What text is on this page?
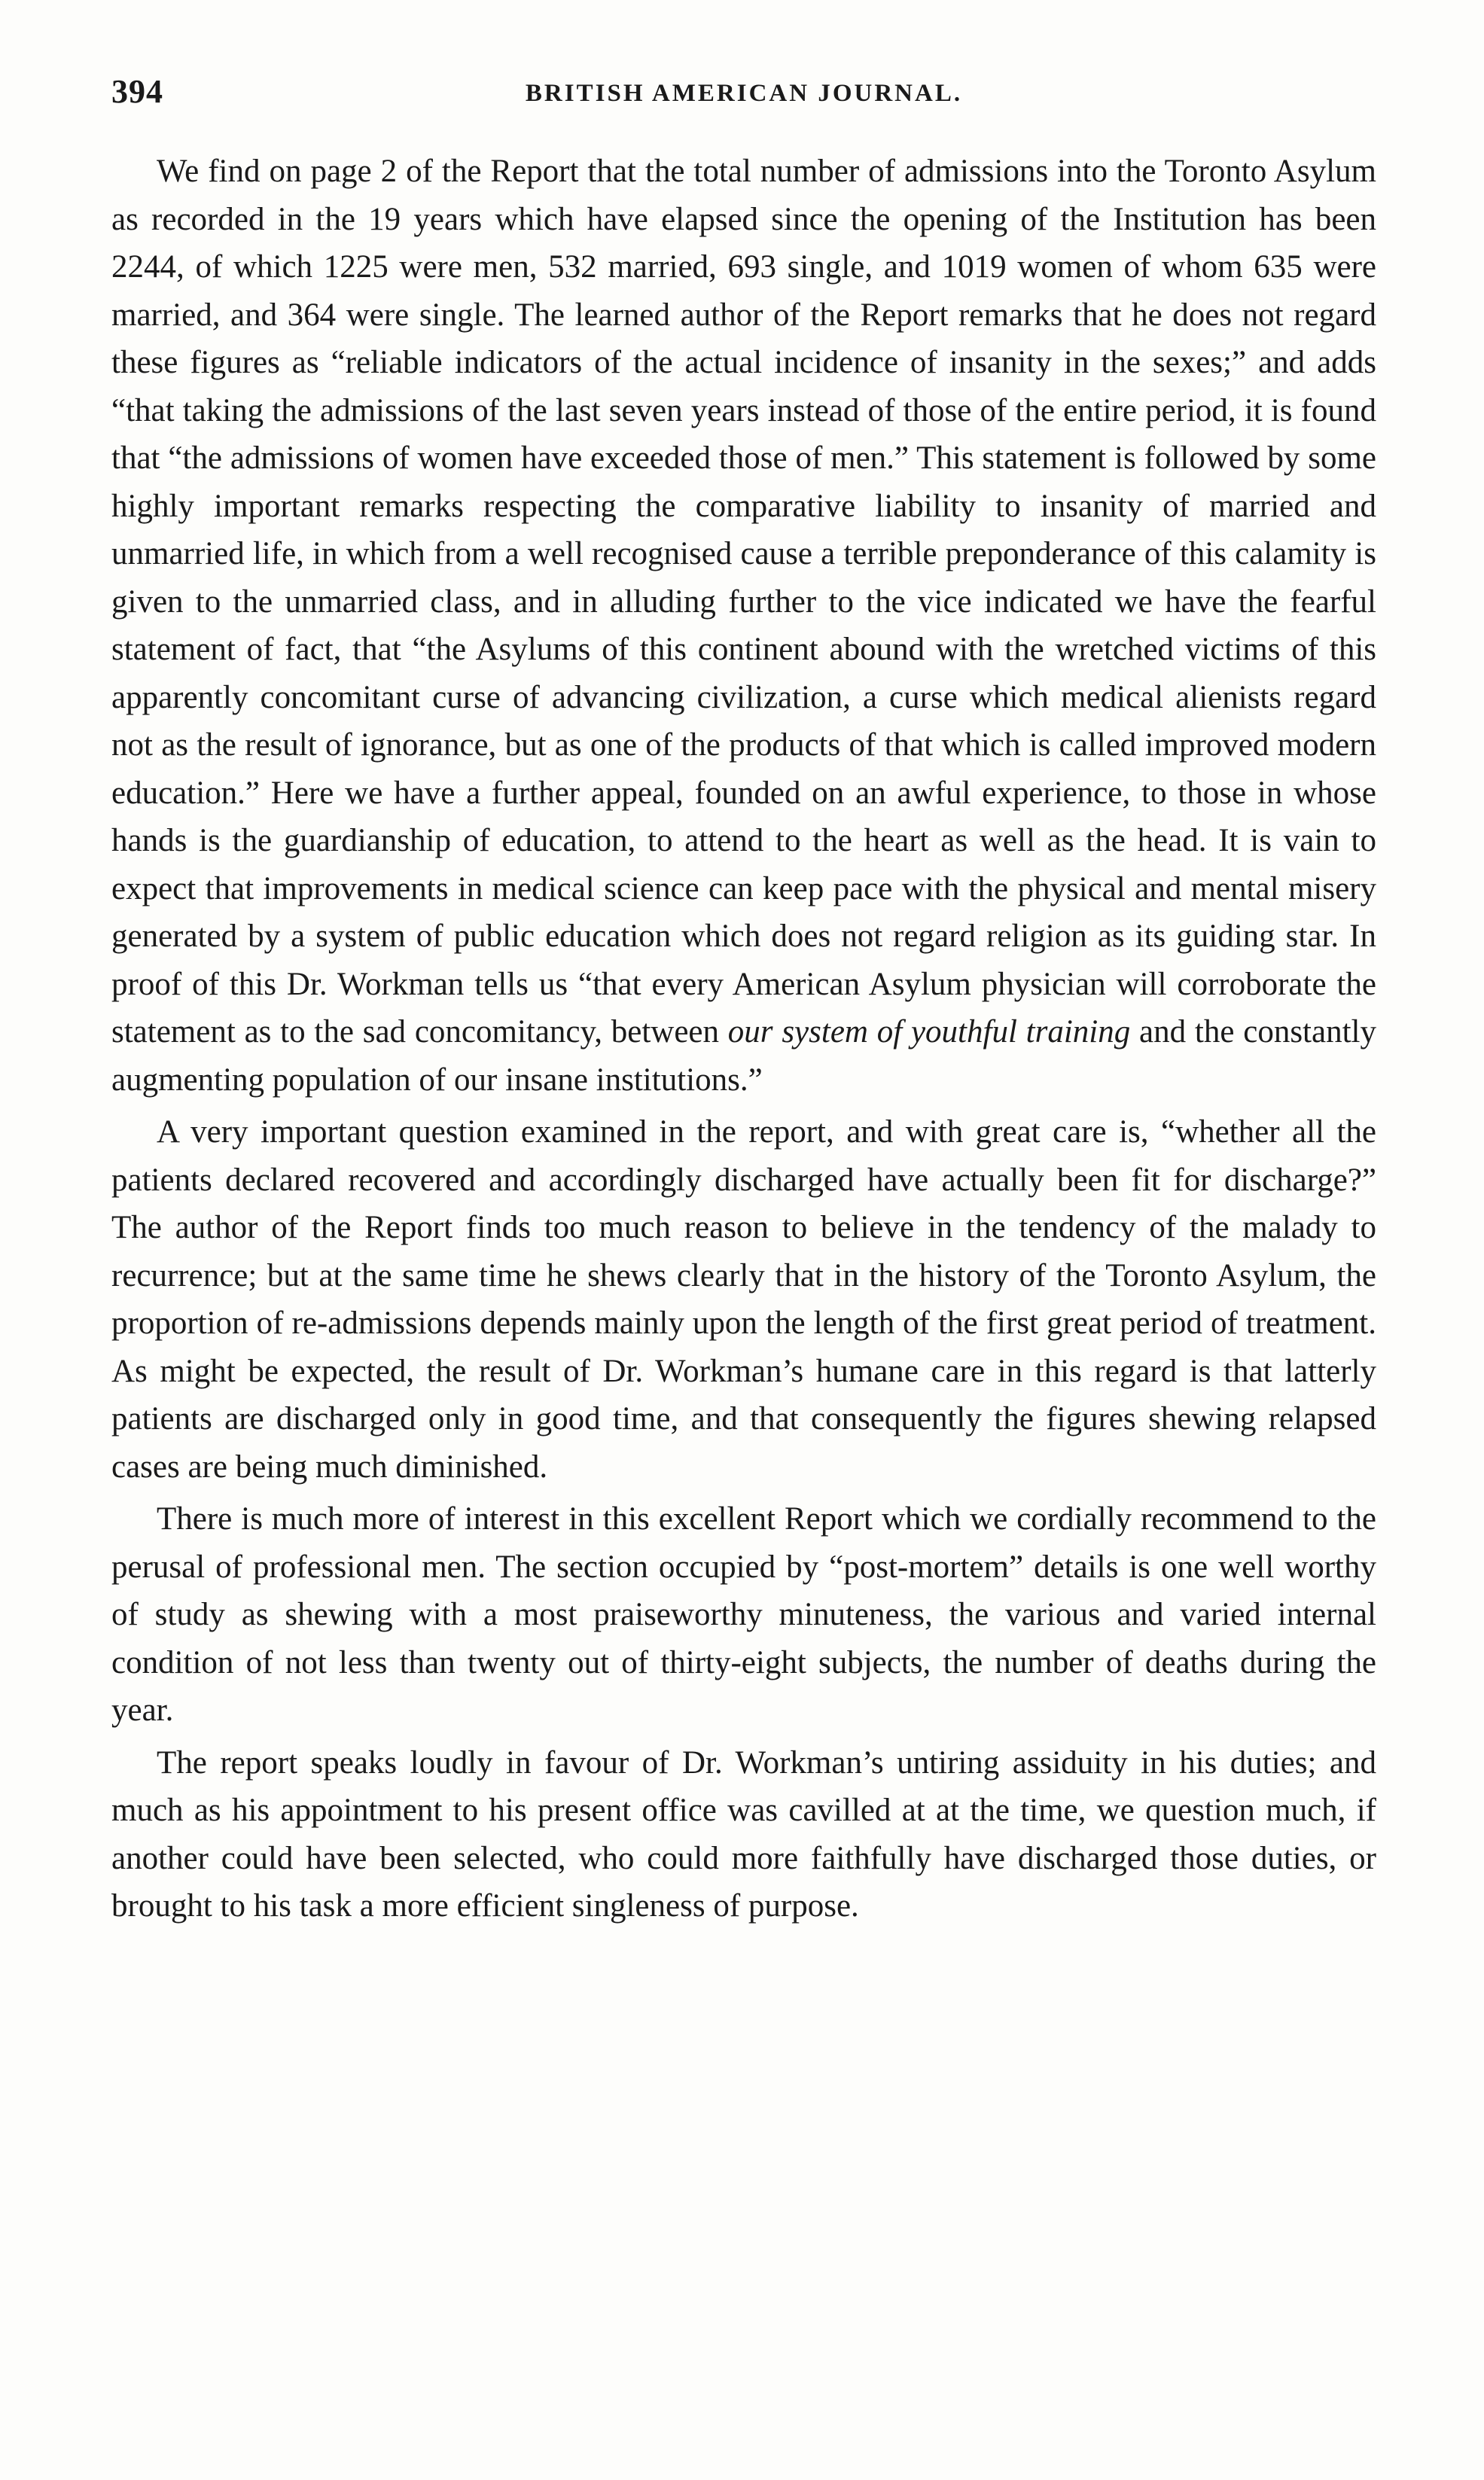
394	BRITISH AMERICAN JOURNAL.

We find on page 2 of the Report that the total number of admissions into the Toronto Asylum as recorded in the 19 years which have elapsed since the opening of the Institution has been 2244, of which 1225 were men, 532 married, 693 single, and 1019 women of whom 635 were married, and 364 were single. The learned author of the Report remarks that he does not regard these figures as “reliable indicators of the actual incidence of insanity in the sexes;” and adds “that taking the admissions of the last seven years instead of those of the entire period, it is found that “the admissions of women have exceeded those of men.” This statement is followed by some highly important remarks respecting the comparative liability to insanity of married and unmarried life, in which from a well recognised cause a terrible preponderance of this calamity is given to the unmarried class, and in alluding further to the vice indicated we have the fearful statement of fact, that “the Asylums of this continent abound with the wretched victims of this apparently concomitant curse of advancing civilization, a curse which medical alienists regard not as the result of ignorance, but as one of the products of that which is called improved modern education.” Here we have a further appeal, founded on an awful experience, to those in whose hands is the guardianship of education, to attend to the heart as well as the head. It is vain to expect that improvements in medical science can keep pace with the physical and mental misery generated by a system of public education which does not regard religion as its guiding star. In proof of this Dr. Workman tells us “that every American Asylum physician will corroborate the statement as to the sad concomitancy, between our system of youthful training and the constantly augmenting population of our insane institutions.”

A very important question examined in the report, and with great care is, “whether all the patients declared recovered and accordingly discharged have actually been fit for discharge?” The author of the Report finds too much reason to believe in the tendency of the malady to recurrence; but at the same time he shews clearly that in the history of the Toronto Asylum, the proportion of re-admissions depends mainly upon the length of the first great period of treatment. As might be expected, the result of Dr. Workman’s humane care in this regard is that latterly patients are discharged only in good time, and that consequently the figures shewing relapsed cases are being much diminished.

There is much more of interest in this excellent Report which we cordially recommend to the perusal of professional men. The section occupied by “post-mortem” details is one well worthy of study as shewing with a most praiseworthy minuteness, the various and varied internal condition of not less than twenty out of thirty-eight subjects, the number of deaths during the year.

The report speaks loudly in favour of Dr. Workman’s untiring assiduity in his duties; and much as his appointment to his present office was cavilled at at the time, we question much, if another could have been selected, who could more faithfully have discharged those duties, or brought to his task a more efficient singleness of purpose.
